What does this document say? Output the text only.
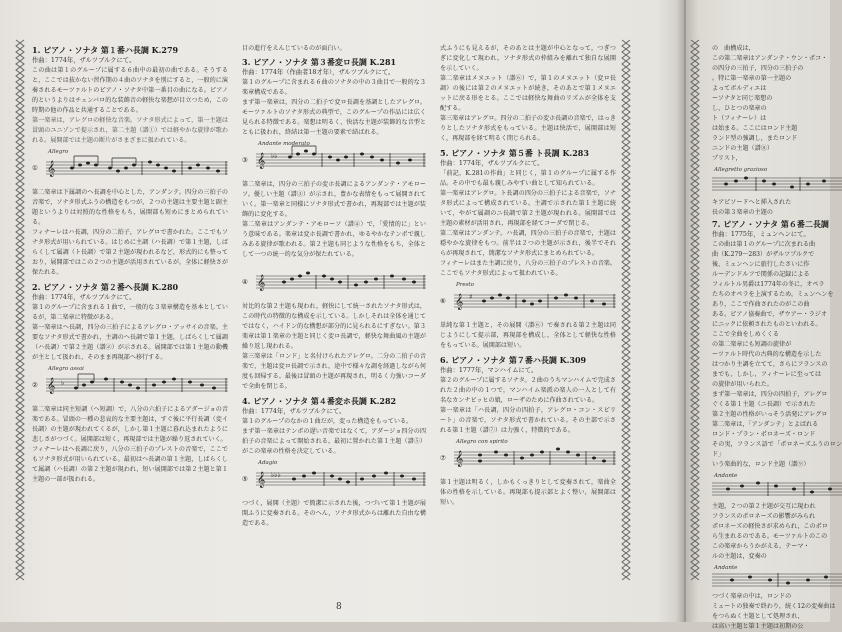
1. ピアノ・ソナタ 第１番ハ長調 K.279
作曲：1774年，ザルツブルクにて。
この曲は第１のグループに属する６曲中の最初の曲である。そうすると，ここでは抜かない習作期の４曲のソナタを別にすると，一般的に演奏されるモーツァルトのピアノ・ソナタ中第一番目の曲になる。ピアノ的というよりはチェンバロ的な装飾音の軽快な楽想が目立つため，この時期の他の作品と共通することである。
第一楽章は，アレグロの軽快な音楽。ソナタ形式によって，第一主題は冒頭のユニゾンで提示され，第二主題（譜①）では軽やかな旋律が歌われる。展開部では主題の断片がさまざまに扱われている。
①
Allegro
𝄞
第二楽章は下属調のヘ長調を中心とした，アンダンテ。四分の三拍子の音楽で，ソナタ形式ふうの構造をもつが，２つの主題は主要主題と副主題というよりは対照的な性格をもち，展開部も短めにまとめられている。
フィナーレはハ長調，四分の二拍子，アレグロで書かれた。ここでもソナタ形式が用いられている。はじめに主調（ハ長調）で第１主題，しばらくして属調（ト長調）で第２主題が現われるなど，形式的にも整っており，展開部ではこの２つの主題が活用されているが，全体に軽快さが保たれる。
2. ピアノ・ソナタ 第２番ヘ長調 K.280
作曲：1774年，ザルツブルクにて。
第１のグループに含まれる１曲で，一般的な３楽章構造を基本としているが，第二楽章に特徴がある。
第一楽章はヘ長調，四分の三拍子によるアレグロ・アッサイの音楽。主要なソナタ形式で書かれ，主調のヘ長調で第１主題，しばらくして属調（ハ長調）で第２主題（譜②）が示される。展開部では第１主題の動機が主として扱われ，そのまま再現部へ移行する。
②
Allegro assai
𝄞 ♭
第二楽章は同主短調（ヘ短調）で，八分の六拍子によるアダージョの音楽である。冒頭の一種の悲哀的な主要主題は，すぐ後に平行長調（変イ長調）の主題が現われてくるが，しかし第１主題に暮れ込まれたように悲しさがつづく。展開部は短く，再現部では主題が繰り返されていく。
フィナーレはヘ長調に戻り，八分の三拍子のプレストの音楽で，ここでもソナタ形式が用いられている。最初はヘ長調の第１主題，しばらくして属調（ハ長調）の第２主題が現われ，短い展開部では第２主題と第１主題の一部が扱われる。
目の進行をえんじているのが面白い。
3. ピアノ・ソナタ 第３番変ロ長調 K.281
作曲：1774年（作曲者18才年），ザルツブルクにて。
第１のグループに含まれる６曲のソナタの中の３曲目で一般的な３楽章構成である。
まず第一楽章は，四分の二拍子で変ロ長調を基調としたアレグロ。モーツァルトのソナタ形式の典型で，このグループの作品には広く見られる特徴である。楽想は明るく，快活な主題が装飾的な音型とともに扱われ，終結は第一主題の要素で結ばれる。
③
Andante moderato
𝄞 ♭♭
第二楽章は，四分の三拍子の変ホ長調によるアンダンテ・アモローソ。優しい主題（譜③）が示され，豊かな表情をもって展開されていく。第一楽章と同様にソナタ形式で書かれ，再現部では主題が装飾的に変化する。
第二楽章はアンダンテ・アモローソ（譜④）で，「愛情的に」という意味である。楽章は変ホ長調で書かれ，ゆるやかなテンポで親しみある旋律が歌われる。第２主題も同じような性格をもち，全体として一つの統一的な気分が保たれている。
④ 𝄞
対比的な第２主題も現われ，軽快にして統一されたソナタ形式は，この時代の特徴的な構成を示している。しかしそれは全体を通じてではなく，ハイドン的な構想が部分的に見られるにすぎない。第３楽章は第１楽章の主題と同じく変ロ長調で，軽快な舞曲風の主題が繰り返し現われる。
第三楽章は「ロンド」と名付けられたアレグロ。二分の二拍子の音楽で，主題は変ロ長調で示され，途中で様々な調を経過しながら何度も回帰する。最後は冒頭の主題が再現され，明るく力強いコーダで全曲を閉じる。
4. ピアノ・ソナタ 第４番変ホ長調 K.282
作曲：1774年，ザルツブルクにて。
第１のグループのなかの１曲だが，変った構造をもっている。
まず第一楽章はテンポの遅い音楽ではなくて，アダージョ四分の四拍子の音楽によって開始される。最初に置かれた第１主題（譜⑤）がこの楽章の性格を決定している。
⑤
Adagio
𝄞 ♭♭♭
つづく，展開（主題）で簡潔に示された後，つづいて第１主題が展開ふうに変奏される。そのへん，ソナタ形式からは離れた自由な構造である。
式ふうにも見えるが，そのあとは主題が中心となって，つぎつぎに変化して現われ，ソナタ形式の枠組みを離れて独自な展開を示していく。
第二楽章はメヌエット（譜⑥）で，第１のメヌエット（変ロ長調）の後には第２のメヌエットが続き，そのあとで第１メヌエットに戻る形をとる。ここでは軽快な舞曲のリズムが全体を支配する。
第三楽章はアレグロ。四分の二拍子の変ホ長調の音楽で，はっきりとしたソナタ形式をもっている。主題は快活で，展開部は短く，再現部を経て明るく閉じられる。
5. ピアノ・ソナタ 第５番 ト長調 K.283
作曲：1774年，ザルツブルクにて。
「前記，K.281の作曲」と同じく，第１のグループに属する作品。その中でも最も親しみやすい曲として知られている。
第一楽章はアレグロ。ト長調の四分の三拍子による音楽で，ソナタ形式によって構成されている。主調で示された第１主題に続いて，やがて属調のニ長調で第２主題が現われる。展開部では主題の素材が活用され，再現部を経てコーダで閉じる。
第二楽章はアンダンテ。ハ長調，四分の三拍子の音楽で，主題は穏やかな旋律をもつ。前半は２つの主題が示され，後半でそれらが再現されて，簡潔なソナタ形式にまとめられている。
フィナーレはまた主調に戻り，八分の三拍子のプレストの音楽。ここでもソナタ形式によって扱われている。
⑥
Presto
𝄞 ♯
単純な第１主題と，その展開（譜⑥）で奏される第２主題は同じようにして提示部，再現部を構成し，全体として軽快な性格をもっている。展開部は短い。
6. ピアノ・ソナタ 第７番ハ長調 K.309
作曲：1777年，マンハイムにて。
第２のグループに属するソナタ。２曲のうちマンハイムで完成された２曲の中の１つで，マンハイム楽派の楽人の一人として有名なカンナビッヒの娘，ローザのために作曲されている。
第一楽章は「ハ長調，四分の四拍子，アレグロ・コン・スピリート」の音楽で，ソナタ形式で書かれている。その主部で示される第１主題（譜⑦）は力強く，特徴的である。
⑦
Allegro con spirito
𝄞
第１主題は明るく，しかもくっきりとして変奏されて，楽曲全体の性格を示している。再現部も提示部とよく整い，展開部は短い。
8
の　曲構成は，
この第二楽章はアンダンテ・ウン・ポコ・
の四分の三拍子，四分の三拍子の
。特に第一楽章の第一主題の
よってボルディエは
ーソナタと同じ楽想の
し，ひとつの楽章の
ト（フィナーレ）は
は始まる。ここにはロンド主題
ランド型の強調し，またロンド
ニンドの主題（譜⑧）
プリスト，
Allegretto grazioso
キアピソードへと挿入された
長の第３楽章の主題の
7. ピアノ・ソナタ 第６番二長調
作曲：1775年，ミュンヘンにて。
この曲は第１のグループに次まれる曲
曲（K.279〜283）がザルツブルクで
後，ミュンヘンに旅行したさいに作
ルーデンドルフで関係の記録による
フィルトル男爵は1774年の冬に，オペラ
たちのオペラを上演するため，ミュンヘンを
あり，ここで作曲されたのがこの曲
ある。ピアノ協奏曲で，ザウアー・ラジオ
にニックに依頼されたものといわれる。
ここで全曲をしめくくる
の第二楽章にも短調の旋律が
ーツァルト時代の古典的な構造を示した
はつかり主調を立てて，さらにフランスの
までも，しかし，フィナーレに至っては
の旋律が用いられた。
まず第一楽章は，四分の四拍子，アレグロ
ぐくる第１主題（ニ長調）で示された
第２主題の性格がいっそう活発にアレグロ
第二楽章は，「アンダンテ」とよばれる
ロンド・プラン・ポロネーズ・ロンド
その実，フランス語で「ポロネーズふうのロンド」
いう楽曲的な，ロンド主題（譜⑨）
Andante
主題，２つの第２主題が交互に現われ
フランスのポロネーズの影響がみられ
ポロネーズの軽快さが求められ，このポロ
ら生まれるのである。モーツァルトのこの
この楽章からうかがえる。テーマ・
ルの主題は，変奏の
Andante
つづく楽章の中は，ロンドの
ミュートの独奏で終わり，続く12の変奏曲は
をつらぬく主題として処理され，
は高い主題と第１主題は初期の公
